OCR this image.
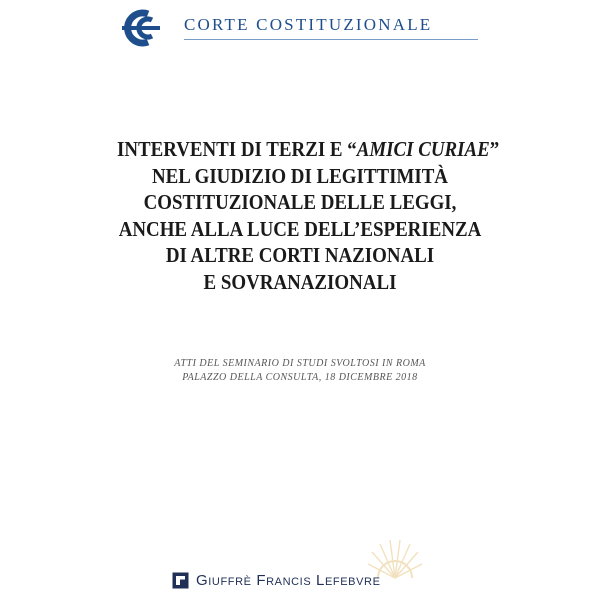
CORTE COSTITUZIONALE
INTERVENTI DI TERZI E “AMICI CURIAE”
NEL GIUDIZIO DI LEGITTIMITÀ
COSTITUZIONALE DELLE LEGGI,
ANCHE ALLA LUCE DELL’ESPERIENZA
DI ALTRE CORTI NAZIONALI
E SOVRANAZIONALI
ATTI DEL SEMINARIO DI STUDI SVOLTOSI IN ROMA
PALAZZO DELLA CONSULTA, 18 DICEMBRE 2018
Giuffrè Francis Lefebvre
